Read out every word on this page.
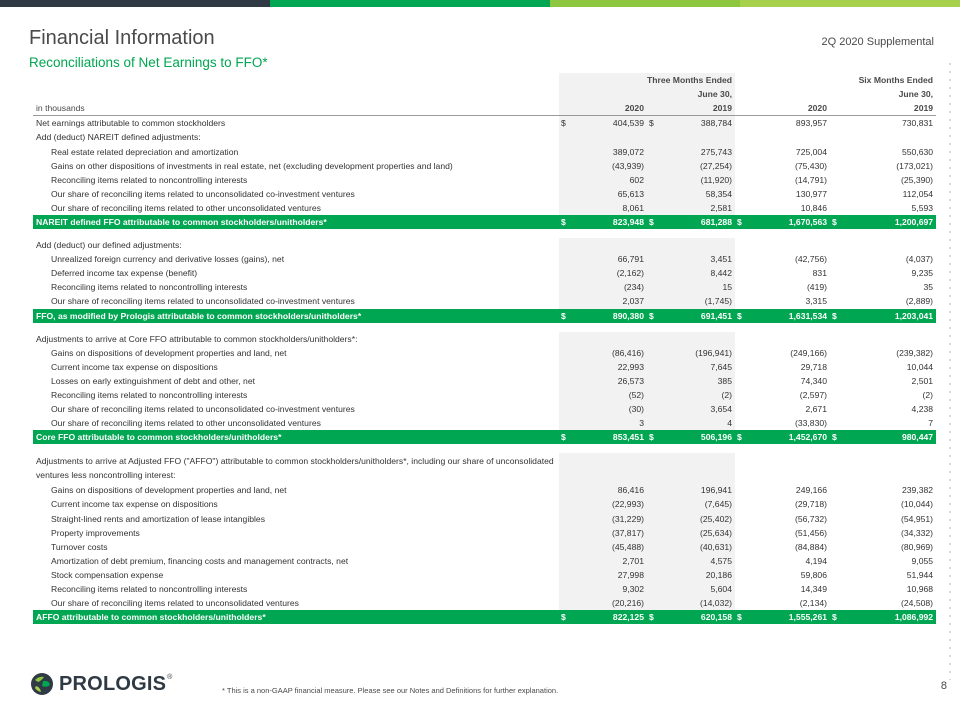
Financial Information
Reconciliations of Net Earnings to FFO*
2Q 2020 Supplemental
	Three Months Ended				Six Months Ended			
	June 30,				June 30,			
in thousands		2020		2019		2020		2019
Net earnings attributable to common stockholders	$	404,539	$	388,784		893,957		730,831
Add (deduct) NAREIT defined adjustments:								
Real estate related depreciation and amortization		389,072		275,743		725,004		550,630
Gains on other dispositions of investments in real estate, net (excluding development properties and land)		(43,939)		(27,254)		(75,430)		(173,021)
Reconciling items related to noncontrolling interests		602		(11,920)		(14,791)		(25,390)
Our share of reconciling items related to unconsolidated co-investment ventures		65,613		58,354		130,977		112,054
Our share of reconciling items related to other unconsolidated ventures		8,061		2,581		10,846		5,593
NAREIT defined FFO attributable to common stockholders/unitholders*	$	823,948	$	681,288	$	1,670,563	$	1,200,697

Add (deduct) our defined adjustments:								
Unrealized foreign currency and derivative losses (gains), net		66,791		3,451		(42,756)		(4,037)
Deferred income tax expense (benefit)		(2,162)		8,442		831		9,235
Reconciling items related to noncontrolling interests		(234)		15		(419)		35
Our share of reconciling items related to unconsolidated co-investment ventures		2,037		(1,745)		3,315		(2,889)
FFO, as modified by Prologis attributable to common stockholders/unitholders*	$	890,380	$	691,451	$	1,631,534	$	1,203,041

Adjustments to arrive at Core FFO attributable to common stockholders/unitholders*:								
Gains on dispositions of development properties and land, net		(86,416)		(196,941)		(249,166)		(239,382)
Current income tax expense on dispositions		22,993		7,645		29,718		10,044
Losses on early extinguishment of debt and other, net		26,573		385		74,340		2,501
Reconciling items related to noncontrolling interests		(52)		(2)		(2,597)		(2)
Our share of reconciling items related to unconsolidated co-investment ventures		(30)		3,654		2,671		4,238
Our share of reconciling items related to other unconsolidated ventures		3		4		(33,830)		7
Core FFO attributable to common stockholders/unitholders*	$	853,451	$	506,196	$	1,452,670	$	980,447

Adjustments to arrive at Adjusted FFO ("AFFO") attributable to common stockholders/unitholders*, including our share of unconsolidated ventures less noncontrolling interest:								
Gains on dispositions of development properties and land, net		86,416		196,941		249,166		239,382
Current income tax expense on dispositions		(22,993)		(7,645)		(29,718)		(10,044)
Straight-lined rents and amortization of lease intangibles		(31,229)		(25,402)		(56,732)		(54,951)
Property improvements		(37,817)		(25,634)		(51,456)		(34,332)
Turnover costs		(45,488)		(40,631)		(84,884)		(80,969)
Amortization of debt premium, financing costs and management contracts, net		2,701		4,575		4,194		9,055
Stock compensation expense		27,998		20,186		59,806		51,944
Reconciling items related to noncontrolling interests		9,302		5,604		14,349		10,968
Our share of reconciling items related to unconsolidated ventures		(20,216)		(14,032)		(2,134)		(24,508)
AFFO attributable to common stockholders/unitholders*	$	822,125	$	620,158	$	1,555,261	$	1,086,992
PROLOGIS ®
* This is a non-GAAP financial measure. Please see our Notes and Definitions for further explanation.	8
